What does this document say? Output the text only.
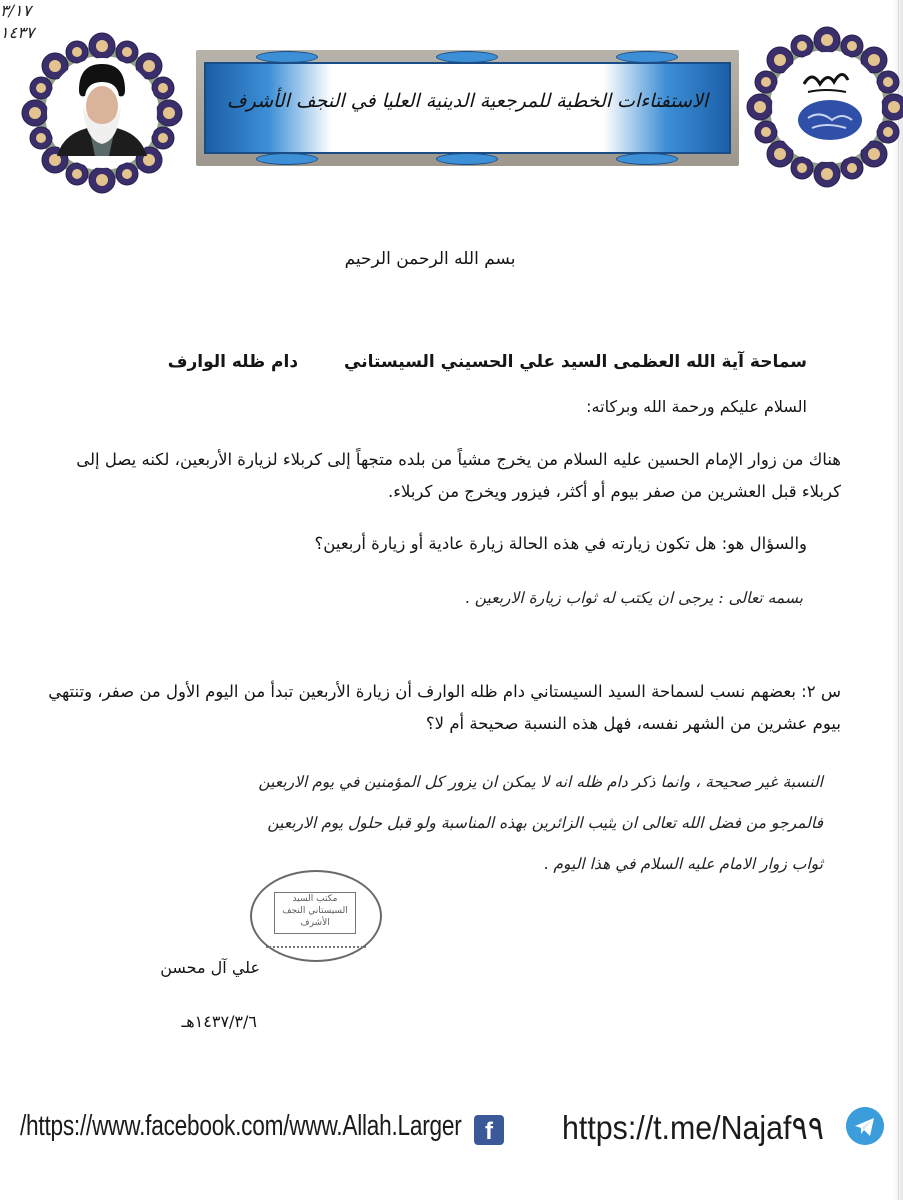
الاستفتاءات الخطية للمرجعية الدينية العليا في النجف الأشرف
بسم الله الرحمن الرحيم
سماحة آية الله العظمى السيد علي الحسيني السيستانيدام ظله الوارف
السلام عليكم ورحمة الله وبركاته:
هناك من زوار الإمام الحسين عليه السلام من يخرج مشياً من بلده متجهاً إلى كربلاء لزيارة الأربعين، لكنه يصل إلى كربلاء قبل العشرين من صفر بيوم أو أكثر، فيزور ويخرج من كربلاء.
والسؤال هو: هل تكون زيارته في هذه الحالة زيارة عادية أو زيارة أربعين؟
بسمه تعالى : يرجى ان يكتب له ثواب زيارة الاربعين .
س ٢: بعضهم نسب لسماحة السيد السيستاني دام ظله الوارف أن زيارة الأربعين تبدأ من اليوم الأول من صفر، وتنتهي بيوم عشرين من الشهر نفسه، فهل هذه النسبة صحيحة أم لا؟
النسبة غير صحيحة ، وانما ذكر دام ظله انه لا يمكن ان يزور كل المؤمنين في يوم الاربعين
فالمرجو من فضل الله تعالى ان يثيب الزائرين بهذه المناسبة ولو قبل حلول يوم الاربعين
ثواب زوار الامام عليه السلام في هذا اليوم .
مكتب السيد السيستاني النجف الأشرف
٣/١٧
١٤٣٧
علي آل محسن
١٤٣٧/٣/٦هـ
/https://www.facebook.com/www.Allah.Larger f	https://t.me/Najaf٩٩
